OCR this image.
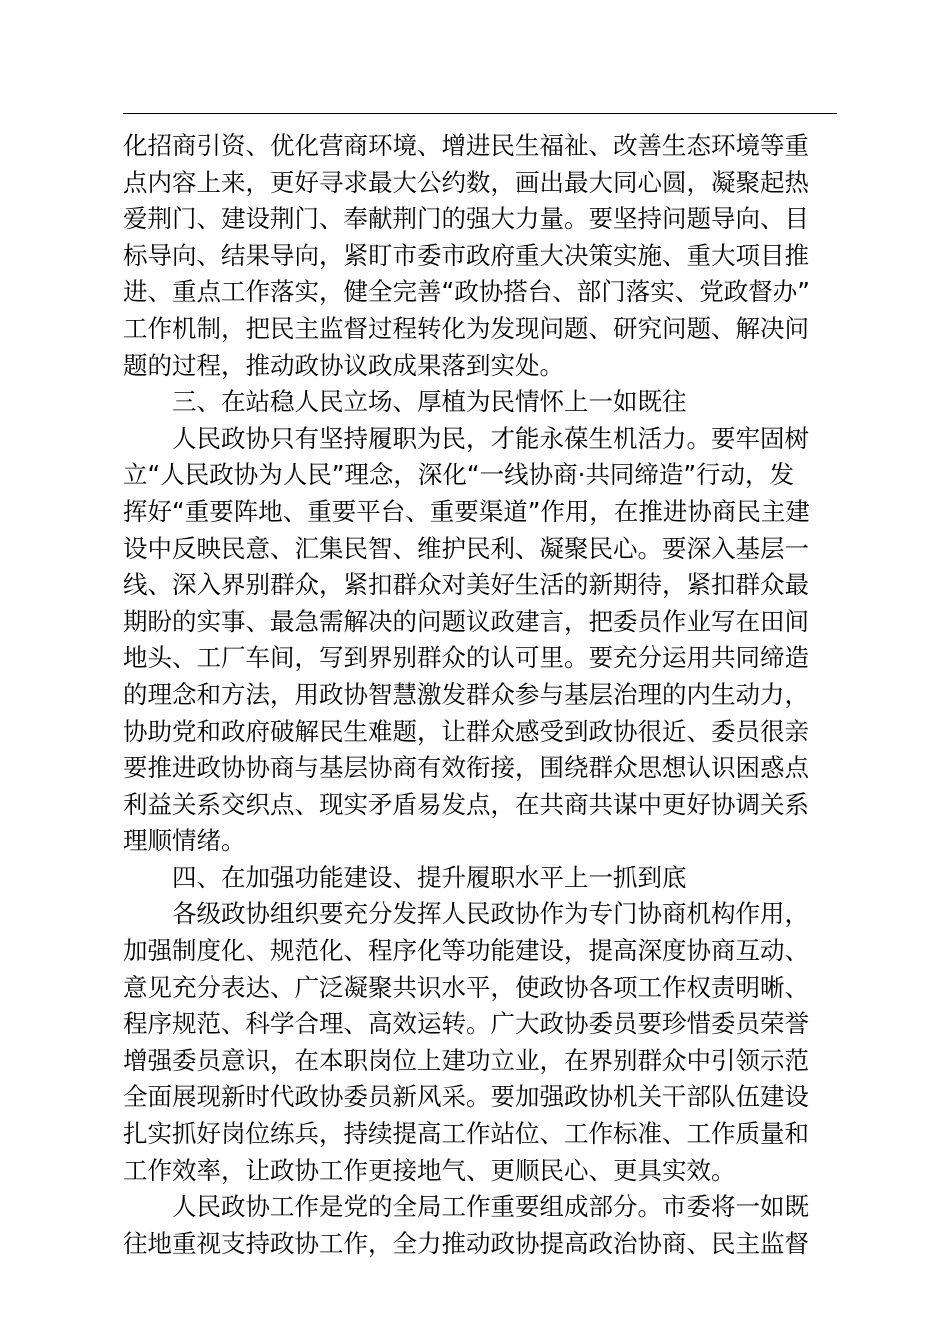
化招商引资、优化营商环境、增进民生福祉、改善生态环境等重
点内容上来，更好寻求最大公约数，画出最大同心圆，凝聚起热
爱荆门、建设荆门、奉献荆门的强大力量。要坚持问题导向、目
标导向、结果导向，紧盯市委市政府重大决策实施、重大项目推
进、重点工作落实，健全完善“政协搭台、部门落实、党政督办”
工作机制，把民主监督过程转化为发现问题、研究问题、解决问
题的过程，推动政协议政成果落到实处。
三、在站稳人民立场、厚植为民情怀上一如既往
人民政协只有坚持履职为民，才能永葆生机活力。要牢固树
立“人民政协为人民”理念，深化“一线协商·共同缔造”行动，发
挥好“重要阵地、重要平台、重要渠道”作用，在推进协商民主建
设中反映民意、汇集民智、维护民利、凝聚民心。要深入基层一
线、深入界别群众，紧扣群众对美好生活的新期待，紧扣群众最
期盼的实事、最急需解决的问题议政建言，把委员作业写在田间
地头、工厂车间，写到界别群众的认可里。要充分运用共同缔造
的理念和方法，用政协智慧激发群众参与基层治理的内生动力，
协助党和政府破解民生难题，让群众感受到政协很近、委员很亲
要推进政协协商与基层协商有效衔接，围绕群众思想认识困惑点
利益关系交织点、现实矛盾易发点，在共商共谋中更好协调关系
理顺情绪。
四、在加强功能建设、提升履职水平上一抓到底
各级政协组织要充分发挥人民政协作为专门协商机构作用，
加强制度化、规范化、程序化等功能建设，提高深度协商互动、
意见充分表达、广泛凝聚共识水平，使政协各项工作权责明晰、
程序规范、科学合理、高效运转。广大政协委员要珍惜委员荣誉
增强委员意识，在本职岗位上建功立业，在界别群众中引领示范
全面展现新时代政协委员新风采。要加强政协机关干部队伍建设
扎实抓好岗位练兵，持续提高工作站位、工作标准、工作质量和
工作效率，让政协工作更接地气、更顺民心、更具实效。
人民政协工作是党的全局工作重要组成部分。市委将一如既
往地重视支持政协工作，全力推动政协提高政治协商、民主监督
